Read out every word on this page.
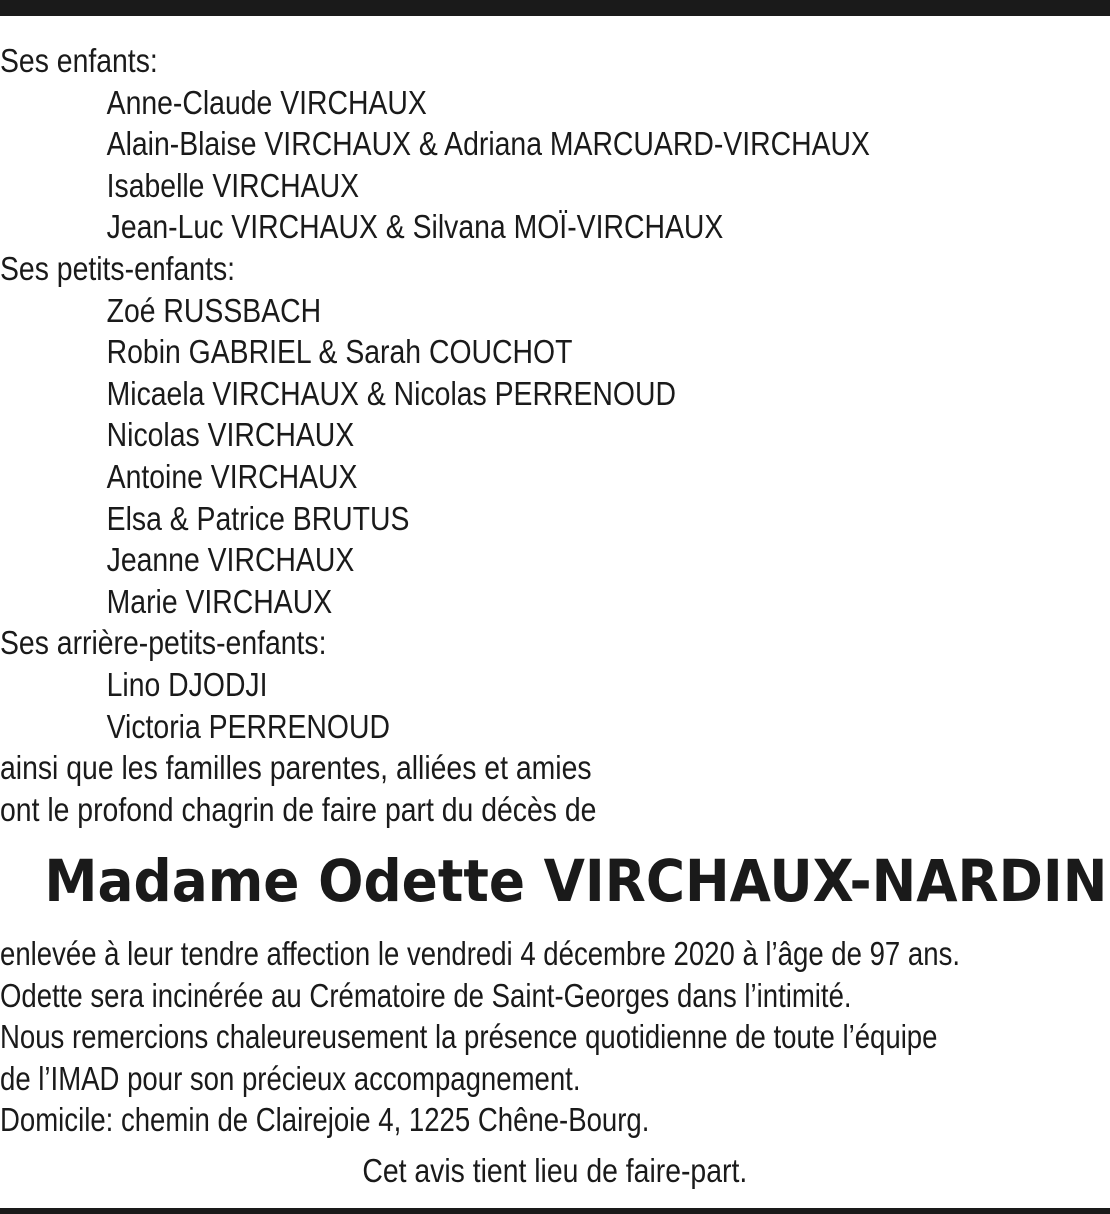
Ses enfants:
Anne-Claude VIRCHAUX
Alain-Blaise VIRCHAUX & Adriana MARCUARD-VIRCHAUX
Isabelle VIRCHAUX
Jean-Luc VIRCHAUX & Silvana MOÏ-VIRCHAUX
Ses petits-enfants:
Zoé RUSSBACH
Robin GABRIEL & Sarah COUCHOT
Micaela VIRCHAUX & Nicolas PERRENOUD
Nicolas VIRCHAUX
Antoine VIRCHAUX
Elsa & Patrice BRUTUS
Jeanne VIRCHAUX
Marie VIRCHAUX
Ses arrière-petits-enfants:
Lino DJODJI
Victoria PERRENOUD
ainsi que les familles parentes, alliées et amies
ont le profond chagrin de faire part du décès de
Madame Odette VIRCHAUX-NARDIN
enlevée à leur tendre affection le vendredi 4 décembre 2020 à l’âge de 97 ans.
Odette sera incinérée au Crématoire de Saint-Georges dans l’intimité.
Nous remercions chaleureusement la présence quotidienne de toute l’équipe
de l’IMAD pour son précieux accompagnement.
Domicile: chemin de Clairejoie 4, 1225 Chêne-Bourg.
Cet avis tient lieu de faire-part.
